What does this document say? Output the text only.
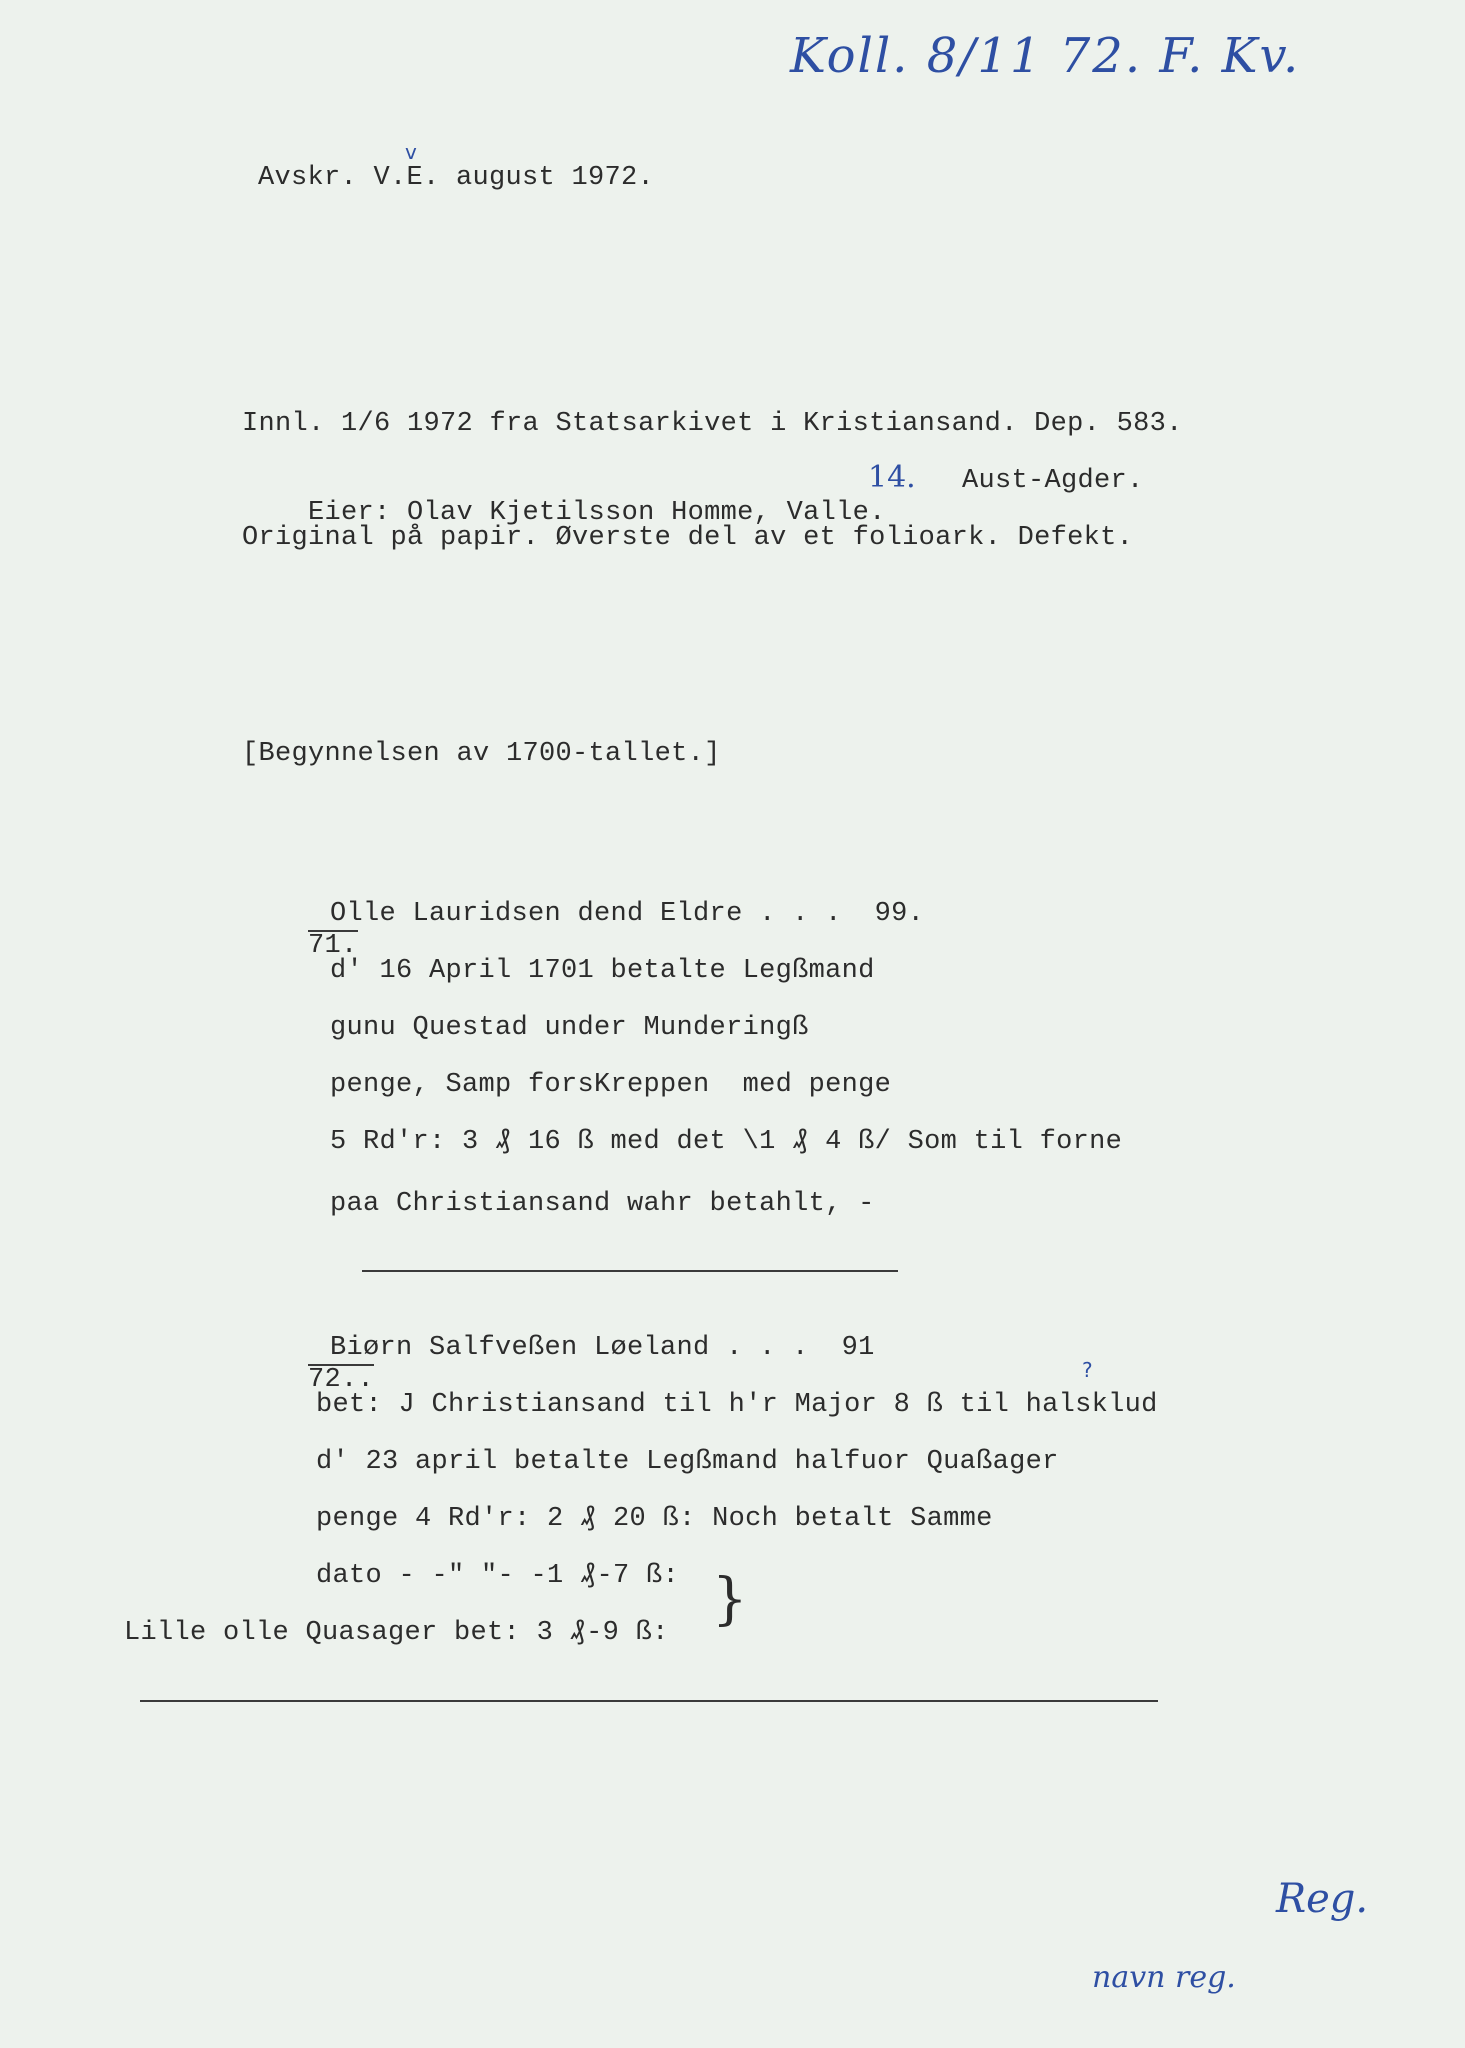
Koll. 8/11 72. F. Kv.
Avskr. V.E. august 1972.
v
Innl. 1/6 1972 fra Statsarkivet i Kristiansand. Dep. 583.

Eier: Olav Kjetilsson Homme, Valle.

14. Aust-Agder.
Original på papir. Øverste del av et folioark. Defekt.
[Begynnelsen av 1700-tallet.]

71.

Olle Lauridsen dend Eldre . . .  99.
d' 16 April 1701 betalte Legßmand
gunu Questad under Munderingß
penge, Samp forsKreppen  med penge
5 Rd'r: 3 ₰ 16 ß med det \1 ₰ 4 ß/ Som til forne
paa Christiansand wahr betahlt, -

72..

Biørn Salfveßen Løeland . . .  91
?
bet: J Christiansand til h'r Major 8 ß til halsklud
d' 23 april betalte Legßmand halfuor Quaßager
penge 4 Rd'r: 2 ₰ 20 ß: Noch betalt Samme
dato - -" "- -1 ₰-7 ß:
Lille olle Quasager bet: 3 ₰-9 ß:
}
Reg.
navn reg.
